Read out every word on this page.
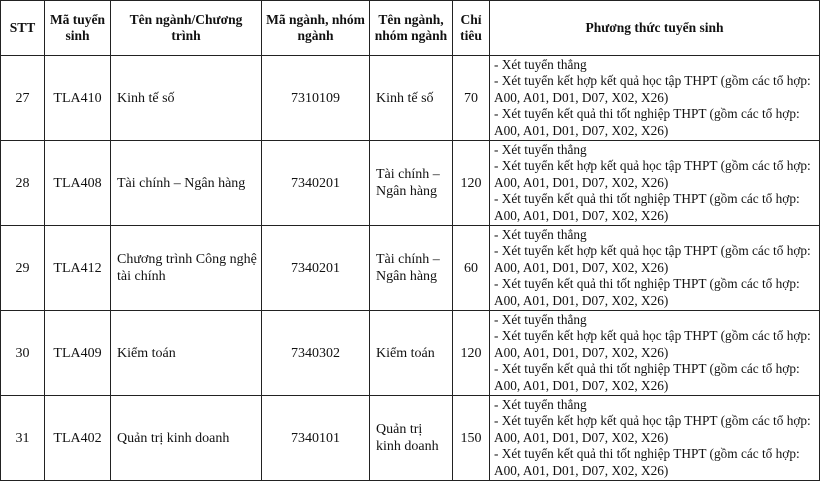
STT	Mã tuyển sinh	Tên ngành/Chương trình	Mã ngành, nhóm ngành	Tên ngành, nhóm ngành	Chỉ tiêu	Phương thức tuyển sinh
27	TLA410	Kinh tế số	7310109	Kinh tế số	70	- Xét tuyển thẳng
- Xét tuyển kết hợp kết quả học tập THPT (gồm các tổ hợp: A00, A01, D01, D07, X02, X26)
- Xét tuyển kết quả thi tốt nghiệp THPT (gồm các tổ hợp: A00, A01, D01, D07, X02, X26)

28	TLA408	Tài chính – Ngân hàng	7340201	Tài chính – Ngân hàng	120	- Xét tuyển thẳng
- Xét tuyển kết hợp kết quả học tập THPT (gồm các tổ hợp: A00, A01, D01, D07, X02, X26)
- Xét tuyển kết quả thi tốt nghiệp THPT (gồm các tổ hợp: A00, A01, D01, D07, X02, X26)

29	TLA412	Chương trình Công nghệ tài chính	7340201	Tài chính – Ngân hàng	60	- Xét tuyển thẳng
- Xét tuyển kết hợp kết quả học tập THPT (gồm các tổ hợp: A00, A01, D01, D07, X02, X26)
- Xét tuyển kết quả thi tốt nghiệp THPT (gồm các tổ hợp: A00, A01, D01, D07, X02, X26)

30	TLA409	Kiểm toán	7340302	Kiểm toán	120	- Xét tuyển thẳng
- Xét tuyển kết hợp kết quả học tập THPT (gồm các tổ hợp: A00, A01, D01, D07, X02, X26)
- Xét tuyển kết quả thi tốt nghiệp THPT (gồm các tổ hợp: A00, A01, D01, D07, X02, X26)

31	TLA402	Quản trị kinh doanh	7340101	Quản trị kinh doanh	150	- Xét tuyển thẳng
- Xét tuyển kết hợp kết quả học tập THPT (gồm các tổ hợp: A00, A01, D01, D07, X02, X26)
- Xét tuyển kết quả thi tốt nghiệp THPT (gồm các tổ hợp: A00, A01, D01, D07, X02, X26)
